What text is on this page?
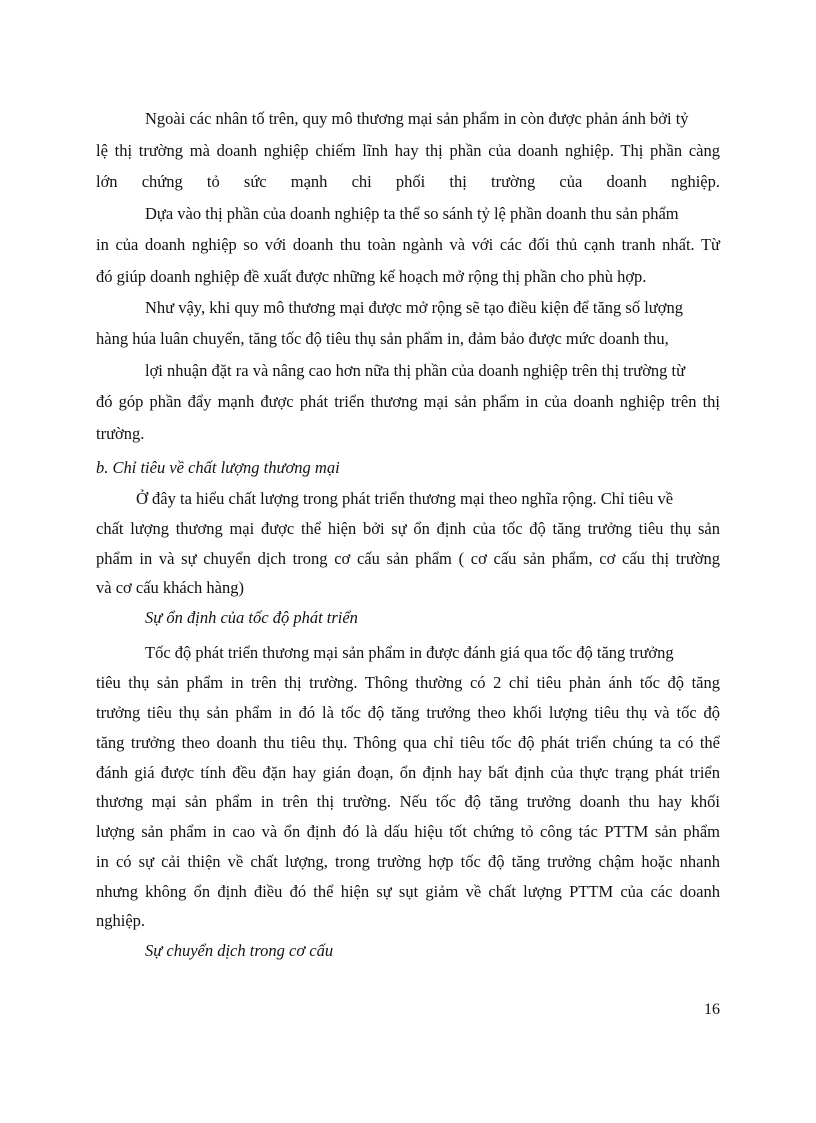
Ngoài các nhân tố trên, quy mô thương mại sản phẩm in còn được phản ánh bởi tỷ

lệ thị trường mà doanh nghiệp chiếm lĩnh hay thị phần của doanh nghiệp. Thị phần càng

lớn chứng tỏ sức mạnh chi phối thị trường của doanh nghiệp.

Dựa vào thị phần của doanh nghiệp ta thể so sánh tỷ lệ phần doanh thu sản phẩm

in của doanh nghiệp so với doanh thu toàn ngành và với các đối thủ cạnh tranh nhất. Từ

đó giúp doanh nghiệp đề xuất được những kế hoạch mở rộng thị phần cho phù hợp.

Như vậy, khi quy mô thương mại được mở rộng sẽ tạo điều kiện để tăng số lượng

hàng húa luân chuyển, tăng tốc độ tiêu thụ sản phẩm in, đảm bảo được mức doanh thu,

lợi nhuận đặt ra và nâng cao hơn nữa thị phần của doanh nghiệp trên thị trường từ

đó góp phần đẩy mạnh được phát triển thương mại sản phẩm in của doanh nghiệp trên thị

trường.

b. Chỉ tiêu về chất lượng thương mại

Ở đây ta hiểu chất lượng trong phát triển thương mại theo nghĩa rộng. Chỉ tiêu về

chất lượng thương mại được thể hiện bởi sự ổn định của tốc độ tăng trưởng tiêu thụ sản

phẩm in và sự chuyển dịch trong cơ cấu sản phẩm ( cơ cấu sản phẩm, cơ cấu thị trường

và cơ cấu khách hàng)

Sự ổn định của tốc độ phát triển

Tốc độ phát triển thương mại sản phẩm in được đánh giá qua tốc độ tăng trưởng

tiêu thụ sản phẩm in trên thị trường. Thông thường có 2 chỉ tiêu phản ánh tốc độ tăng

trưởng tiêu thụ sản phẩm in đó là tốc độ tăng trưởng theo khối lượng tiêu thụ và tốc độ

tăng trưởng theo doanh thu tiêu thụ. Thông qua chỉ tiêu tốc độ phát triển chúng ta có thể

đánh giá được tính đều đặn hay gián đoạn, ổn định hay bất định của thực trạng phát triển

thương mại sản phẩm in trên thị trường. Nếu tốc độ tăng trưởng doanh thu hay khối

lượng sản phẩm in cao và ổn định đó là dấu hiệu tốt chứng tỏ công tác PTTM sản phẩm

in có sự cải thiện về chất lượng, trong trường hợp tốc độ tăng trưởng chậm hoặc nhanh

nhưng không ổn định điều đó thể hiện sự sụt giảm về chất lượng PTTM của các doanh

nghiệp.

Sự chuyển dịch trong cơ cấu

16
